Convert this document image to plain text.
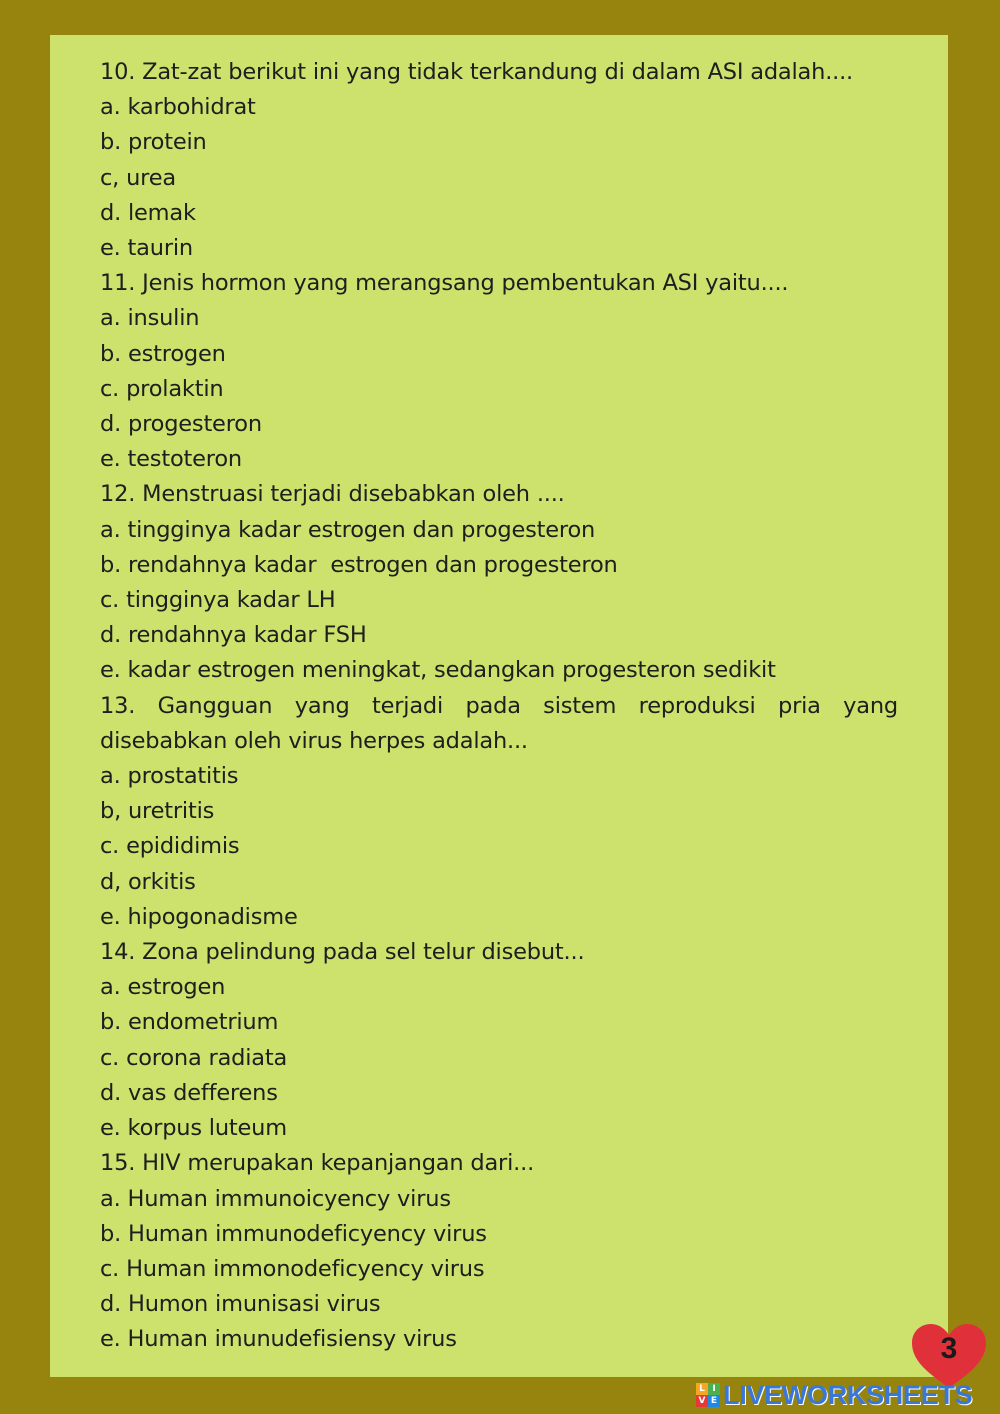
10. Zat-zat berikut ini yang tidak terkandung di dalam ASI adalah....
a. karbohidrat
b. protein
c, urea
d. lemak
e. taurin
11. Jenis hormon yang merangsang pembentukan ASI yaitu....
a. insulin
b. estrogen
c. prolaktin
d. progesteron
e. testoteron
12. Menstruasi terjadi disebabkan oleh ....
a. tingginya kadar estrogen dan progesteron
b. rendahnya kadar  estrogen dan progesteron
c. tingginya kadar LH
d. rendahnya kadar FSH
e. kadar estrogen meningkat, sedangkan progesteron sedikit
13. Gangguan yang terjadi pada sistem reproduksi pria yang disebabkan oleh virus herpes adalah...
a. prostatitis
b, uretritis
c. epididimis
d, orkitis
e. hipogonadisme
14. Zona pelindung pada sel telur disebut...
a. estrogen
b. endometrium
c. corona radiata
d. vas defferens
e. korpus luteum
15. HIV merupakan kepanjangan dari...
a. Human immunoicyency virus
b. Human immunodeficyency virus
c. Human immonodeficyency virus
d. Humon imunisasi virus
e. Human imunudefisiensy virus	3
L I
V E LIVEWORKSHEETS
